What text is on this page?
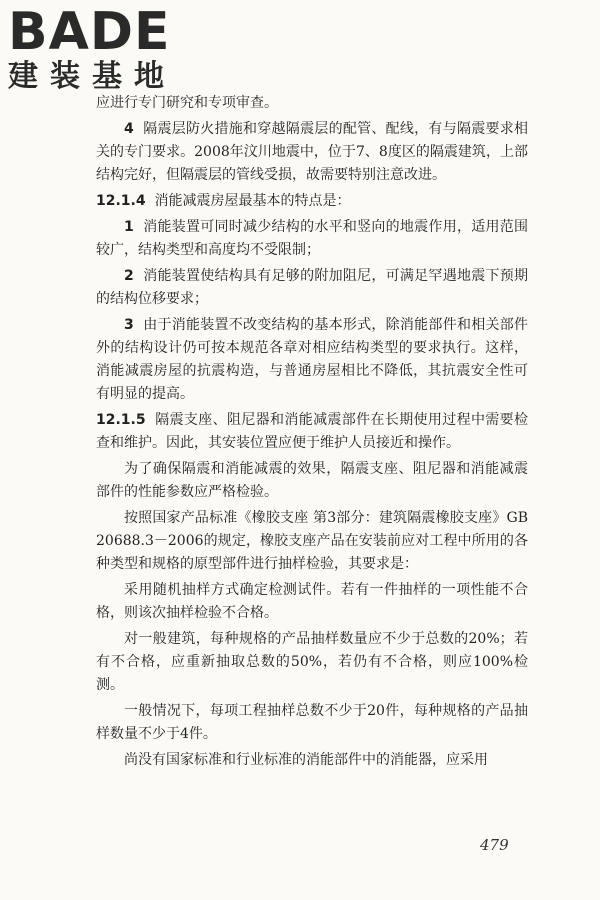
BADE
建装基地

应进行专门研究和专项审查。

4 隔震层防火措施和穿越隔震层的配管、配线，有与隔震要求相关的专门要求。2008年汶川地震中，位于7、8度区的隔震建筑，上部结构完好，但隔震层的管线受损，故需要特别注意改进。

12.1.4 消能减震房屋最基本的特点是：

1 消能装置可同时减少结构的水平和竖向的地震作用，适用范围较广，结构类型和高度均不受限制；

2 消能装置使结构具有足够的附加阻尼，可满足罕遇地震下预期的结构位移要求；

3 由于消能装置不改变结构的基本形式，除消能部件和相关部件外的结构设计仍可按本规范各章对相应结构类型的要求执行。这样，消能减震房屋的抗震构造，与普通房屋相比不降低，其抗震安全性可有明显的提高。

12.1.5 隔震支座、阻尼器和消能减震部件在长期使用过程中需要检查和维护。因此，其安装位置应便于维护人员接近和操作。

为了确保隔震和消能减震的效果，隔震支座、阻尼器和消能减震部件的性能参数应严格检验。

按照国家产品标准《橡胶支座 第3部分：建筑隔震橡胶支座》GB 20688.3－2006的规定，橡胶支座产品在安装前应对工程中所用的各种类型和规格的原型部件进行抽样检验，其要求是：

采用随机抽样方式确定检测试件。若有一件抽样的一项性能不合格，则该次抽样检验不合格。

对一般建筑，每种规格的产品抽样数量应不少于总数的20%；若有不合格，应重新抽取总数的50%，若仍有不合格，则应100%检测。

一般情况下，每项工程抽样总数不少于20件，每种规格的产品抽样数量不少于4件。

尚没有国家标准和行业标准的消能部件中的消能器，应采用

479
